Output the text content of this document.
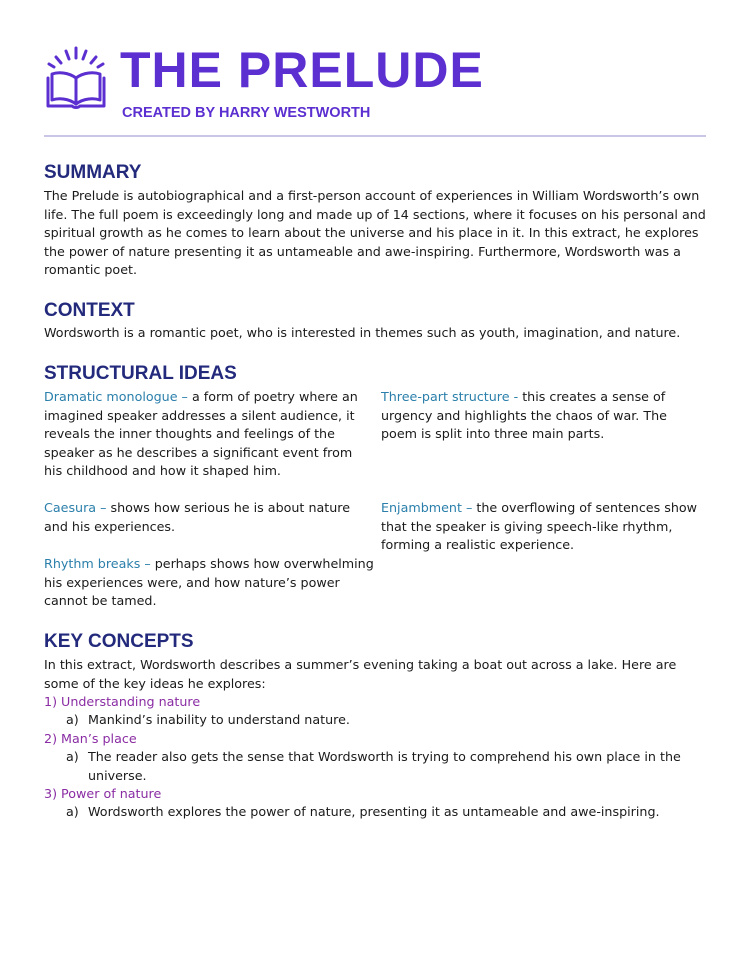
THE PRELUDE
CREATED BY HARRY WESTWORTH
SUMMARY

The Prelude is autobiographical and a first-person account of experiences in William Wordsworth’s own life. The full poem is exceedingly long and made up of 14 sections, where it focuses on his personal and spiritual growth as he comes to learn about the universe and his place in it. In this extract, he explores the power of nature presenting it as untameable and awe-inspiring. Furthermore, Wordsworth was a romantic poet.

CONTEXT

Wordsworth is a romantic poet, who is interested in themes such as youth, imagination, and nature.

STRUCTURAL IDEAS

Dramatic monologue – a form of poetry where an imagined speaker addresses a silent audience, it reveals the inner thoughts and feelings of the speaker as he describes a significant event from his childhood and how it shaped him.

Three-part structure - this creates a sense of urgency and highlights the chaos of war. The poem is split into three main parts.

Caesura – shows how serious he is about nature and his experiences.

Enjambment – the overflowing of sentences show that the speaker is giving speech-like rhythm, forming a realistic experience.

Rhythm breaks – perhaps shows how overwhelming his experiences were, and how nature’s power cannot be tamed.

KEY CONCEPTS

In this extract, Wordsworth describes a summer’s evening taking a boat out across a lake. Here are some of the key ideas he explores:

1) Understanding nature
a) Mankind’s inability to understand nature.
2) Man’s place
a) The reader also gets the sense that Wordsworth is trying to comprehend his own place in the universe.
3) Power of nature
a) Wordsworth explores the power of nature, presenting it as untameable and awe-inspiring.
